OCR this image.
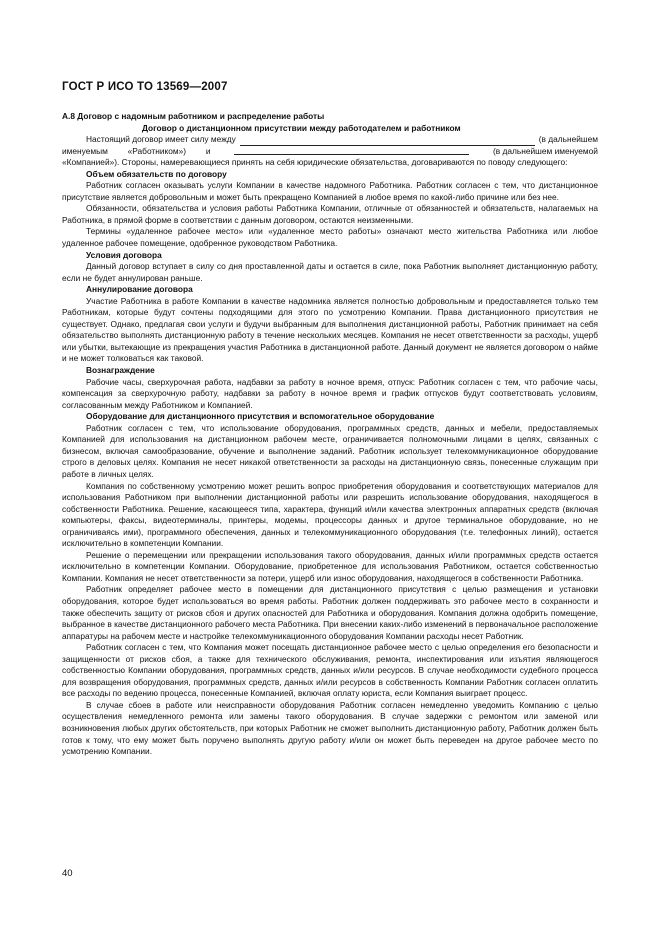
ГОСТ Р ИСО ТО 13569—2007

А.8 Договор с надомным работником и распределение работы

Договор о дистанционном присутствии между работодателем и работником

Настоящий договор имеет силу между	(в дальнейшем
именуемым «Работником») и	(в дальнейшем именуемой

«Компанией»). Стороны, намеревающиеся принять на себя юридические обязательства, договариваются по поводу следующего:

Объем обязательств по договору

Работник согласен оказывать услуги Компании в качестве надомного Работника. Работник согласен с тем, что дистанционное присутствие является добровольным и может быть прекращено Компанией в любое время по какой-либо причине или без нее.

Обязанности, обязательства и условия работы Работника Компании, отличные от обязанностей и обязательств, налагаемых на Работника, в прямой форме в соответствии с данным договором, остаются неизменными.

Термины «удаленное рабочее место» или «удаленное место работы» означают место жительства Работника или любое удаленное рабочее помещение, одобренное руководством Работника.

Условия договора

Данный договор вступает в силу со дня проставленной даты и остается в силе, пока Работник выполняет дистанционную работу, если не будет аннулирован раньше.

Аннулирование договора

Участие Работника в работе Компании в качестве надомника является полностью добровольным и предоставляется только тем Работникам, которые будут сочтены подходящими для этого по усмотрению Компании. Права дистанционного присутствия не существует. Однако, предлагая свои услуги и будучи выбранным для выполнения дистанционной работы, Работник принимает на себя обязательство выполнять дистанционную работу в течение нескольких месяцев. Компания не несет ответственности за расходы, ущерб или убытки, вытекающие из прекращения участия Работника в дистанционной работе. Данный документ не является договором о найме и не может толковаться как таковой.

Вознаграждение

Рабочие часы, сверхурочная работа, надбавки за работу в ночное время, отпуск: Работник согласен с тем, что рабочие часы, компенсация за сверхурочную работу, надбавки за работу в ночное время и график отпусков будут соответствовать условиям, согласованным между Работником и Компанией.

Оборудование для дистанционного присутствия и вспомогательное оборудование

Работник согласен с тем, что использование оборудования, программных средств, данных и мебели, предоставляемых Компанией для использования на дистанционном рабочем месте, ограничивается полномочными лицами в целях, связанных с бизнесом, включая самообразование, обучение и выполнение заданий. Работник использует телекоммуникационное оборудование строго в деловых целях. Компания не несет никакой ответственности за расходы на дистанционную связь, понесенные служащим при работе в личных целях.

Компания по собственному усмотрению может решить вопрос приобретения оборудования и соответствующих материалов для использования Работником при выполнении дистанционной работы или разрешить использование оборудования, находящегося в собственности Работника. Решение, касающееся типа, характера, функций и/или качества электронных аппаратных средств (включая компьютеры, факсы, видеотерминалы, принтеры, модемы, процессоры данных и другое терминальное оборудование, но не ограничиваясь ими), программного обеспечения, данных и телекоммуникационного оборудования (т.е. телефонных линий), остается исключительно в компетенции Компании.

Решение о перемещении или прекращении использования такого оборудования, данных и/или программных средств остается исключительно в компетенции Компании. Оборудование, приобретенное для использования Работником, остается собственностью Компании. Компания не несет ответственности за потери, ущерб или износ оборудования, находящегося в собственности Работника.

Работник определяет рабочее место в помещении для дистанционного присутствия с целью размещения и установки оборудования, которое будет использоваться во время работы. Работник должен поддерживать это рабочее место в сохранности и также обеспечить защиту от рисков сбоя и других опасностей для Работника и оборудования. Компания должна одобрить помещение, выбранное в качестве дистанционного рабочего места Работника. При внесении каких-либо изменений в первоначальное расположение аппаратуры на рабочем месте и настройке телекоммуникационного оборудования Компании расходы несет Работник.

Работник согласен с тем, что Компания может посещать дистанционное рабочее место с целью определения его безопасности и защищенности от рисков сбоя, а также для технического обслуживания, ремонта, инспектирования или изъятия являющегося собственностью Компании оборудования, программных средств, данных и/или ресурсов. В случае необходимости судебного процесса для возвращения оборудования, программных средств, данных и/или ресурсов в собственность Компании Работник согласен оплатить все расходы по ведению процесса, понесенные Компанией, включая оплату юриста, если Компания выиграет процесс.

В случае сбоев в работе или неисправности оборудования Работник согласен немедленно уведомить Компанию с целью осуществления немедленного ремонта или замены такого оборудования. В случае задержки с ремонтом или заменой или возникновения любых других обстоятельств, при которых Работник не сможет выполнить дистанционную работу, Работник должен быть готов к тому, что ему может быть поручено выполнять другую работу и/или он может быть переведен на другое рабочее место по усмотрению Компании.

40
